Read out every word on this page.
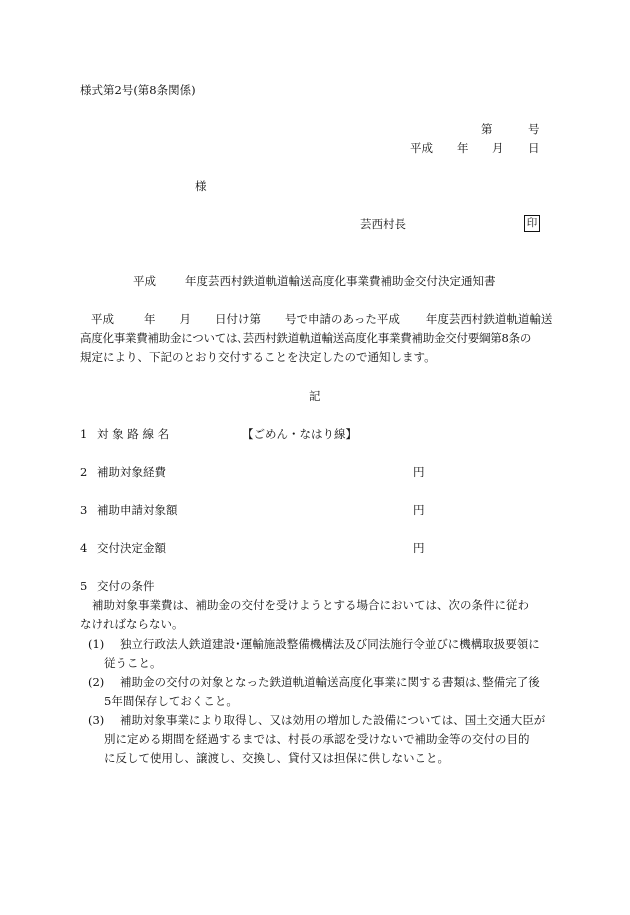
様式第2号(第8条関係)
第	号
平成 年 月 日
様
芸西村長	印
平成	年度芸西村鉄道軌道輸送高度化事業費補助金交付決定通知書
平成	年 月 日付け第 号で申請のあった平成 年度芸西村鉄道軌道輸送
高度化事業費補助金については､芸西村鉄道軌道輸送高度化事業費補助金交付要綱第8条の
規定により、下記のとおり交付することを決定したので通知します。
記
1 対 象 路 線 名	【ごめん・なはり線】
2 補助対象経費	円
3 補助申請対象額	円
4 交付決定金額	円
5 交付の条件
補助対象事業費は、補助金の交付を受けようとする場合においては、次の条件に従わ
なければならない。
(1) 独立行政法人鉄道建設･運輸施設整備機構法及び同法施行令並びに機構取扱要領に
従うこと。
(2) 補助金の交付の対象となった鉄道軌道輸送高度化事業に関する書類は､整備完了後
5年間保存しておくこと。
(3) 補助対象事業により取得し、又は効用の増加した設備については、国土交通大臣が
別に定める期間を経過するまでは、村長の承認を受けないで補助金等の交付の目的
に反して使用し、譲渡し、交換し、貸付又は担保に供しないこと。
